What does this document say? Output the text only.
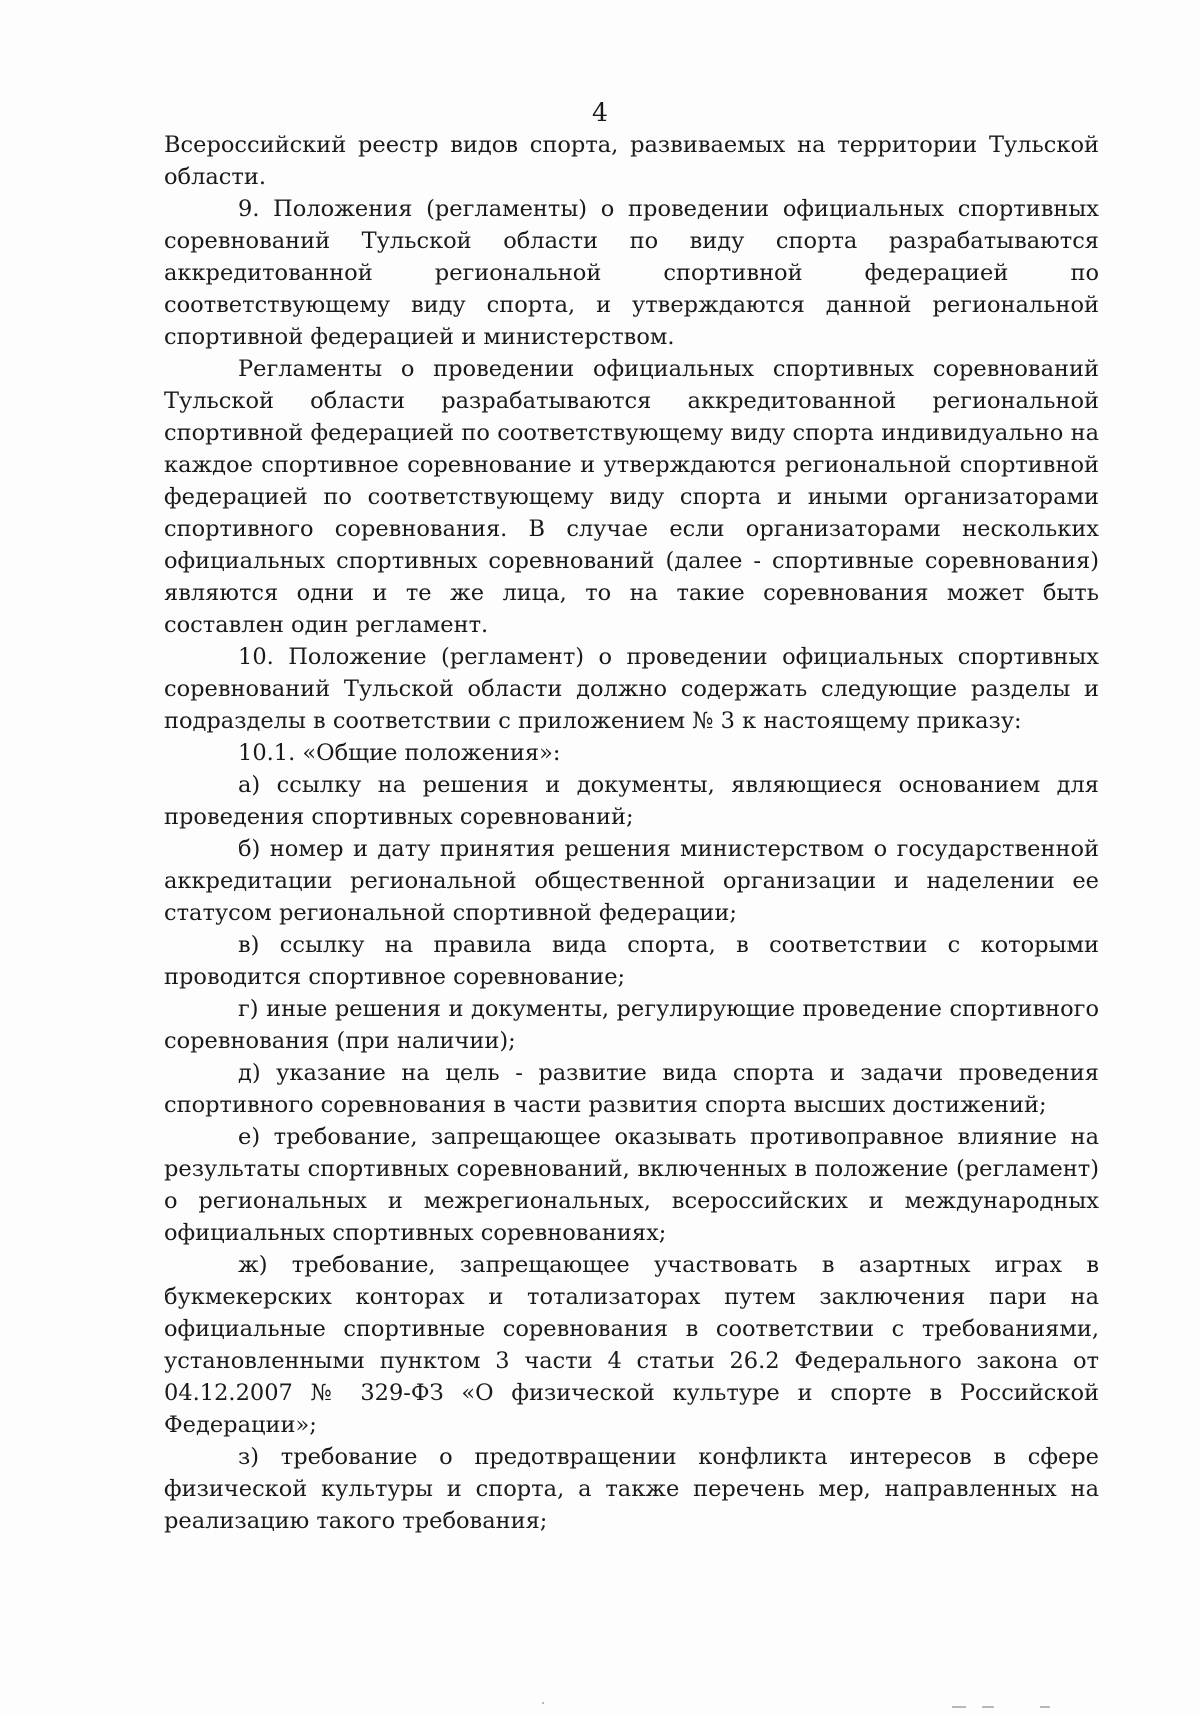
4

Всероссийский реестр видов спорта, развиваемых на территории Тульской области.

9. Положения (регламенты) о проведении официальных спортивных соревнований Тульской области по виду спорта разрабатываются аккредитованной региональной спортивной федерацией по соответствующему виду спорта, и утверждаются данной региональной спортивной федерацией и министерством.

Регламенты о проведении официальных спортивных соревнований Тульской области разрабатываются аккредитованной региональной спортивной федерацией по соответствующему виду спорта индивидуально на каждое спортивное соревнование и утверждаются региональной спортивной федерацией по соответствующему виду спорта и иными организаторами спортивного соревнования. В случае если организаторами нескольких официальных спортивных соревнований (далее - спортивные соревнования) являются одни и те же лица, то на такие соревнования может быть составлен один регламент.

10. Положение (регламент) о проведении официальных спортивных соревнований Тульской области должно содержать следующие разделы и подразделы в соответствии с приложением № 3 к настоящему приказу:

10.1. «Общие положения»:

а) ссылку на решения и документы, являющиеся основанием для проведения спортивных соревнований;

б) номер и дату принятия решения министерством о государственной аккредитации региональной общественной организации и наделении ее статусом региональной спортивной федерации;

в) ссылку на правила вида спорта, в соответствии с которыми проводится спортивное соревнование;

г) иные решения и документы, регулирующие проведение спортивного соревнования (при наличии);

д) указание на цель - развитие вида спорта и задачи проведения спортивного соревнования в части развития спорта высших достижений;

е) требование, запрещающее оказывать противоправное влияние на результаты спортивных соревнований, включенных в положение (регламент) о региональных и межрегиональных, всероссийских и международных официальных спортивных соревнованиях;

ж) требование, запрещающее участвовать в азартных играх в букмекерских конторах и тотализаторах путем заключения пари на официальные спортивные соревнования в соответствии с требованиями, установленными пунктом 3 части 4 статьи 26.2 Федерального закона от 04.12.2007 № 329-ФЗ «О физической культуре и спорте в Российской Федерации»;

з) требование о предотвращении конфликта интересов в сфере физической культуры и спорта, а также перечень мер, направленных на реализацию такого требования;
